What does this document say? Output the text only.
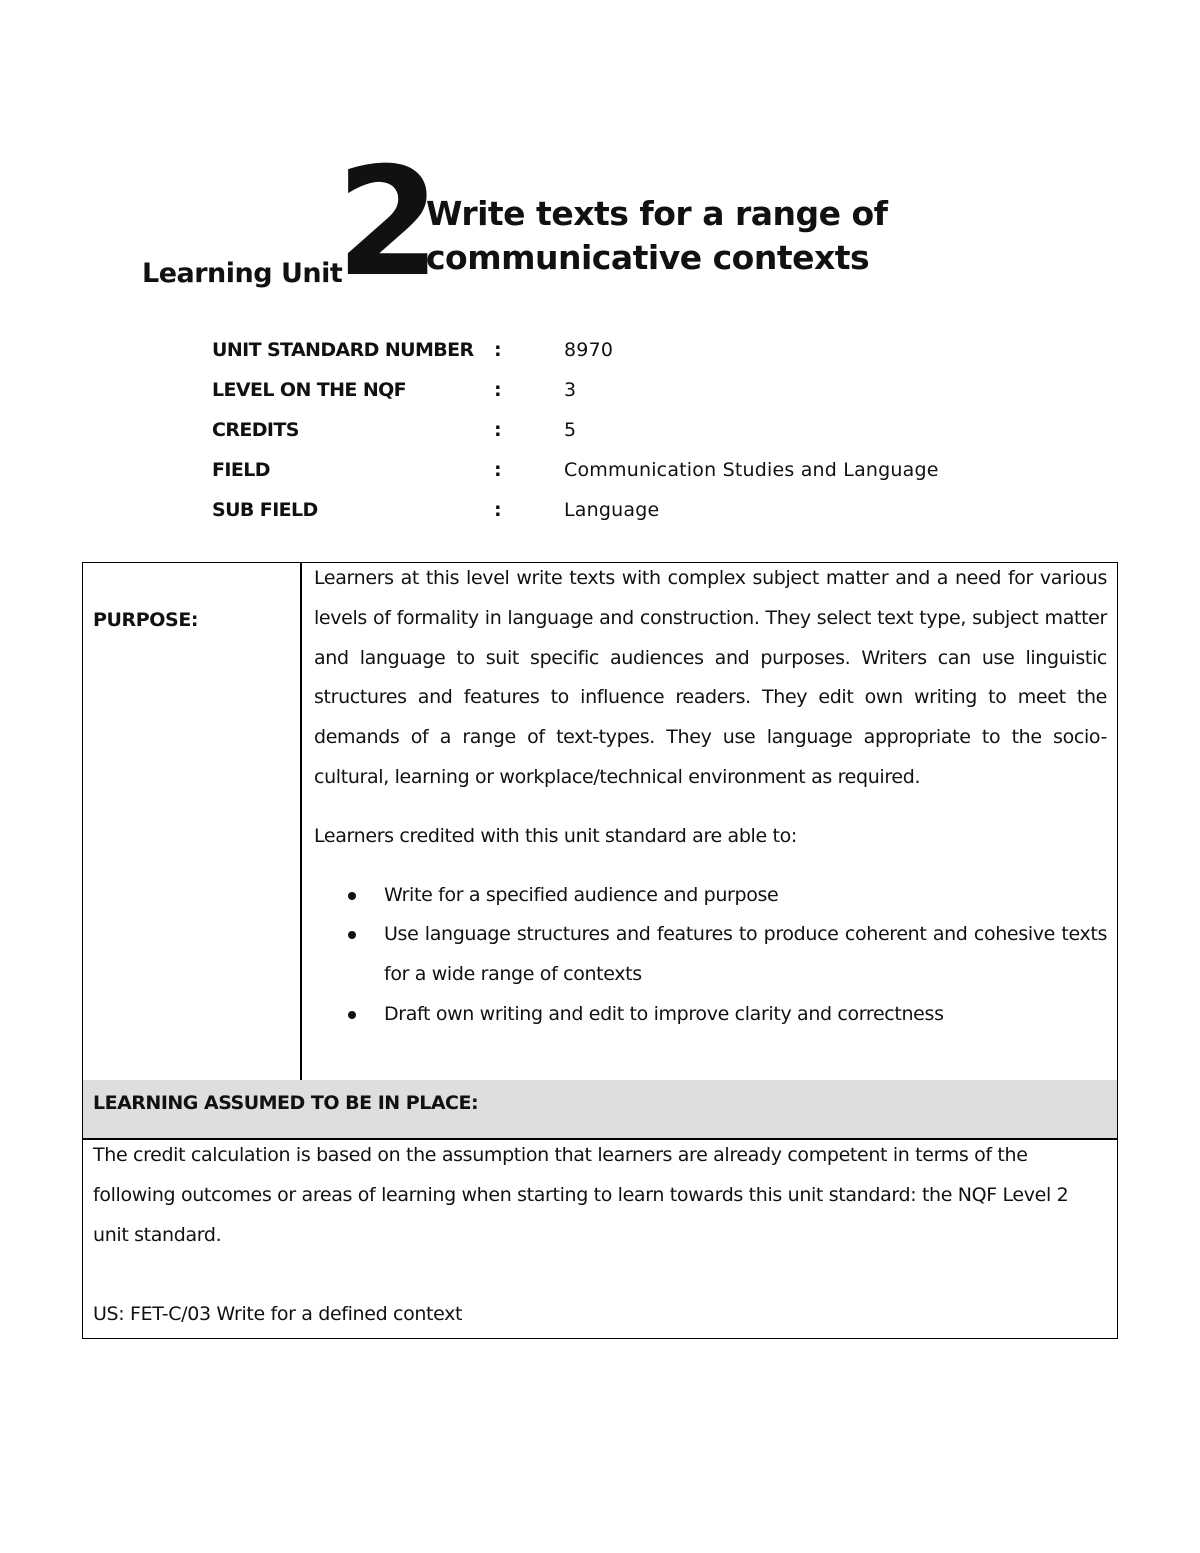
Learning Unit
2
Write texts for a range of communicative contexts
UNIT STANDARD NUMBER :	8970
LEVEL ON THE NQF	:	3
CREDITS	:	5
FIELD	:	Communication Studies and Language
SUB FIELD	:	Language
PURPOSE:

Learners at this level write texts with complex subject matter and a need for various levels of formality in language and construction. They select text type, subject matter and language to suit specific audiences and purposes. Writers can use linguistic structures and features to influence readers. They edit own writing to meet the demands of a range of text-types. They use language appropriate to the socio-cultural, learning or workplace/technical environment as required.

Learners credited with this unit standard are able to:

Write for a specified audience and purpose
Use language structures and features to produce coherent and cohesive texts for a wide range of contexts
Draft own writing and edit to improve clarity and correctness
LEARNING ASSUMED TO BE IN PLACE:

The credit calculation is based on the assumption that learners are already competent in terms of the following outcomes or areas of learning when starting to learn towards this unit standard: the NQF Level 2 unit standard.

US: FET-C/03 Write for a defined context
